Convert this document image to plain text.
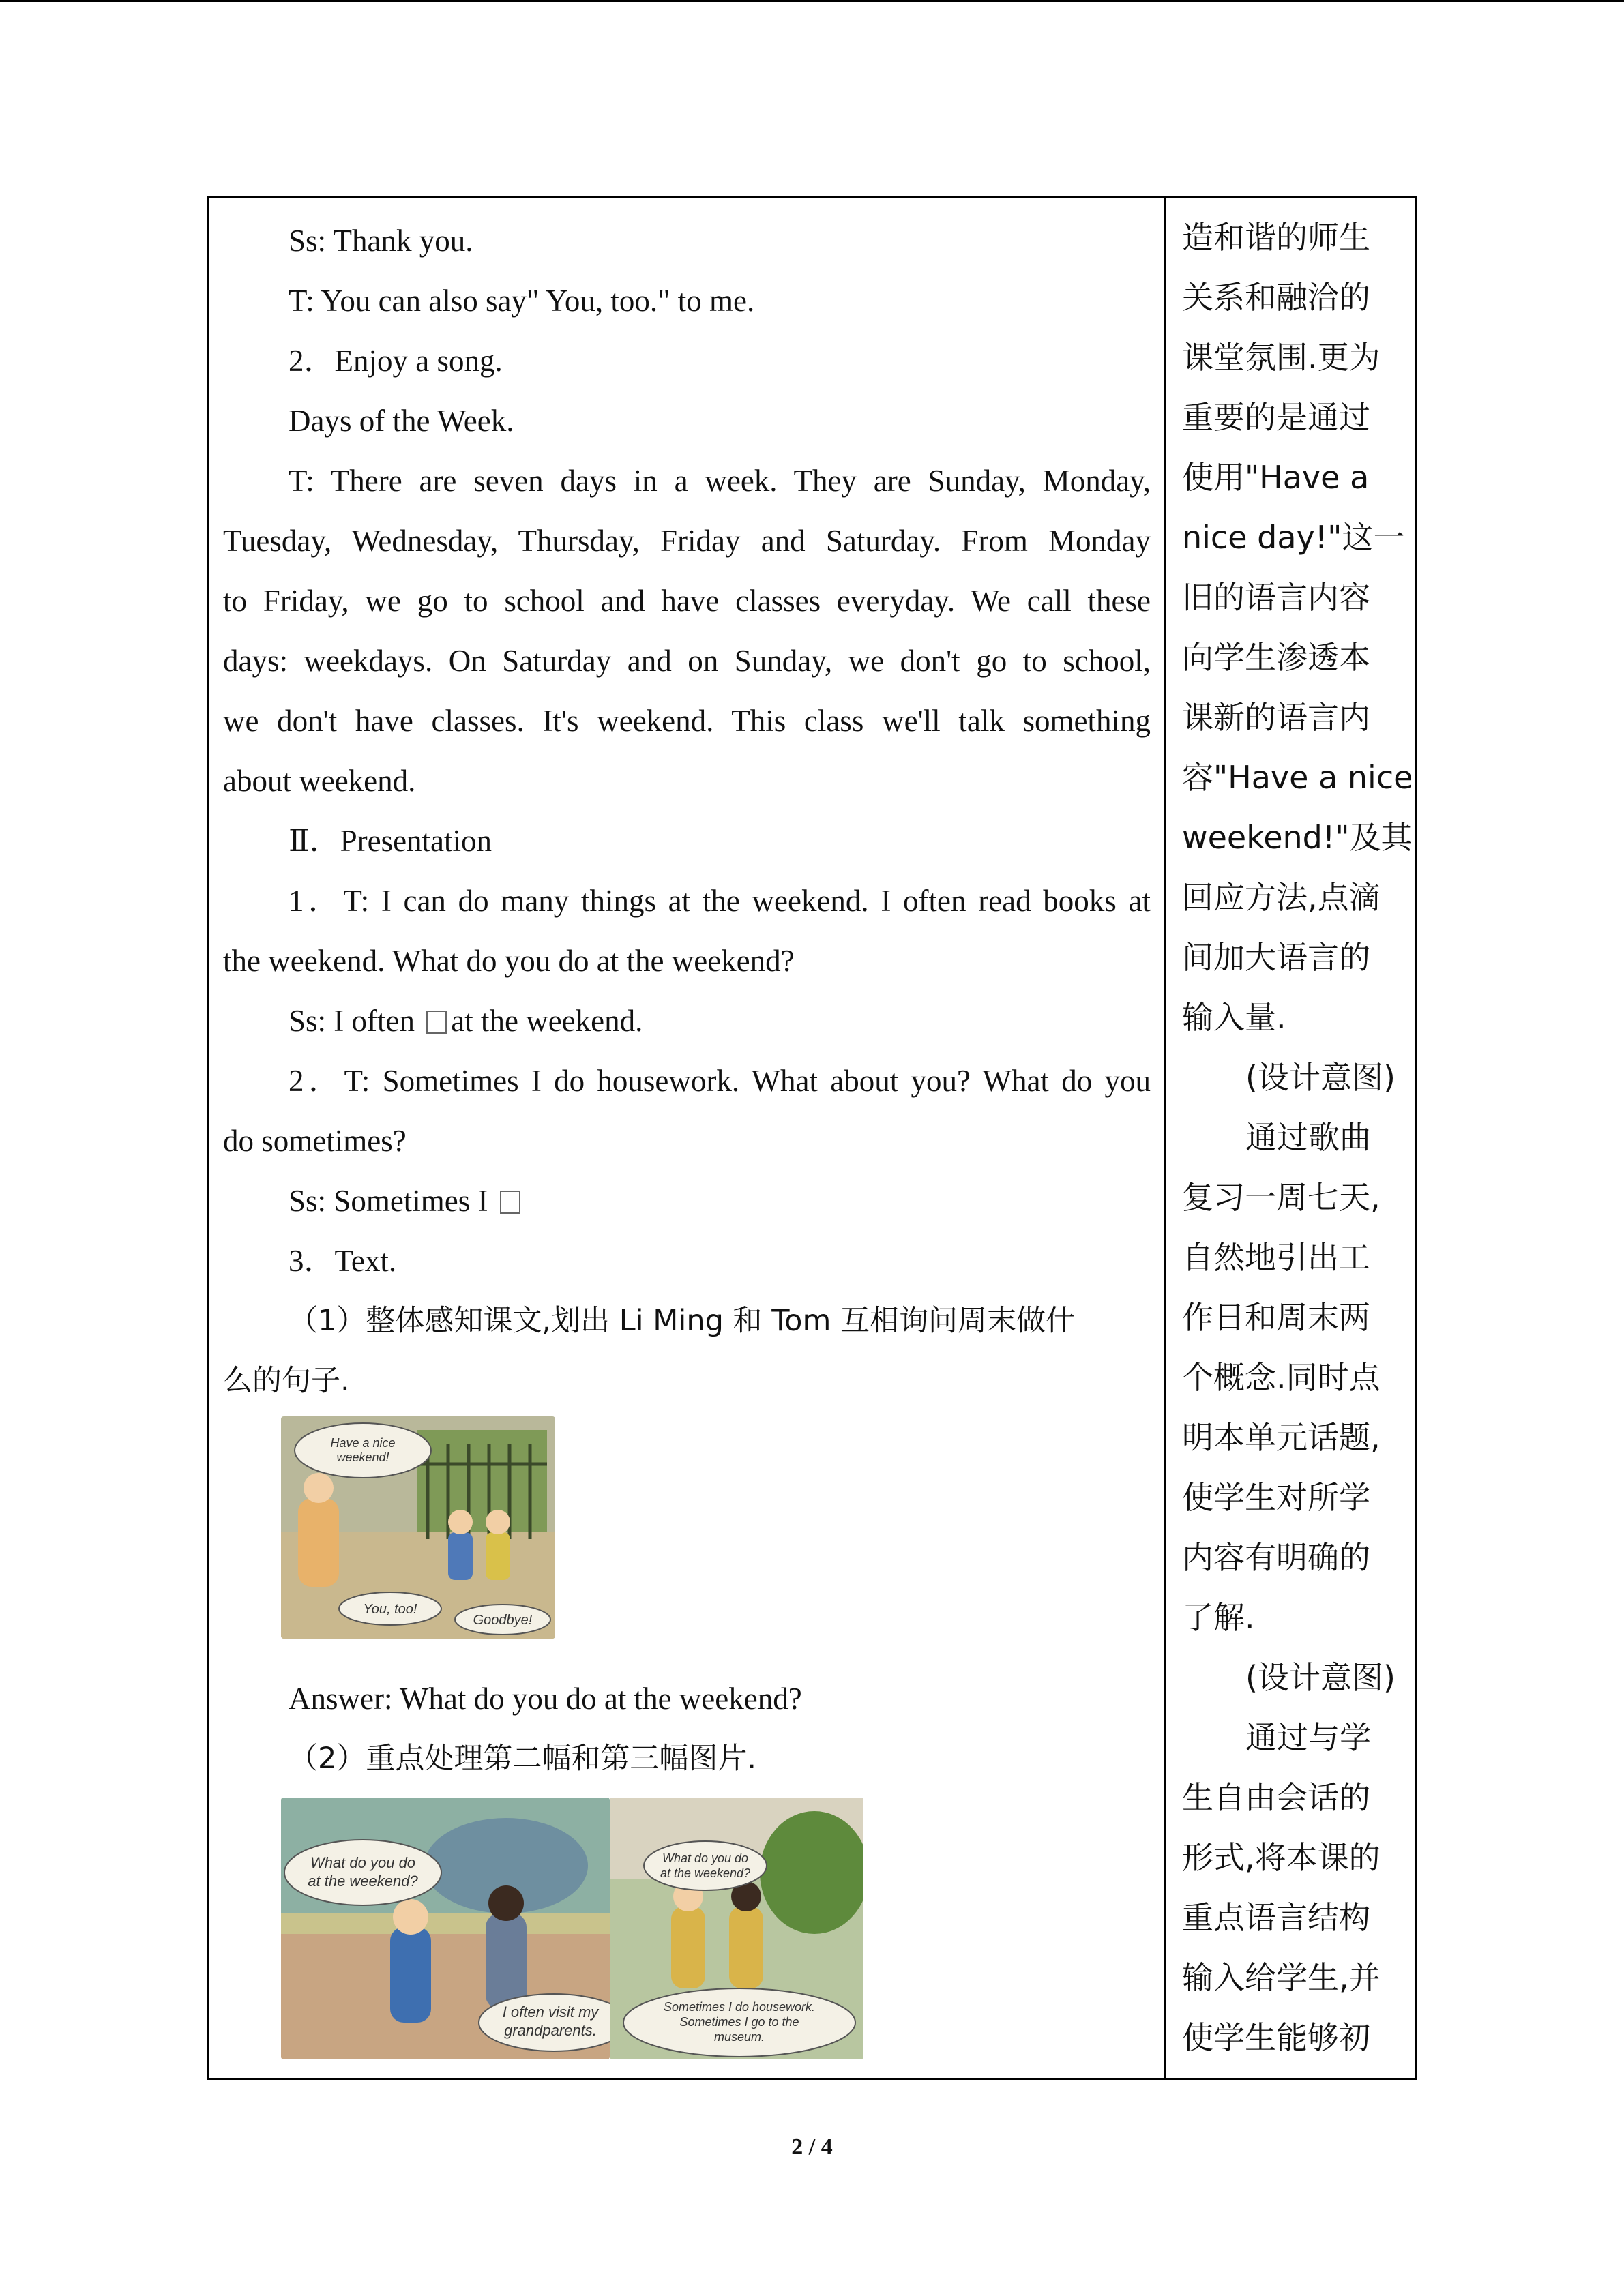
Ss: Thank you.
T: You can also say" You, too." to me.
2．Enjoy a song.
Days of the Week.
T: There are seven days in a week. They are Sunday, Monday,
Tuesday, Wednesday, Thursday, Friday and Saturday. From Monday
to Friday, we go to school and have classes everyday. We call these
days: weekdays. On Saturday and on Sunday, we don't go to school,
we don't have classes. It's weekend. This class we'll talk something
about weekend.
Ⅱ．Presentation
1．T: I can do many things at the weekend. I often read books at
the weekend. What do you do at the weekend?
Ss: I often at the weekend.
2．T: Sometimes I do housework. What about you? What do you
do sometimes?
Ss: Sometimes I
3．Text.
（1）整体感知课文,划出 Li Ming 和 Tom 互相询问周末做什
么的句子.
Have a nice
weekend!
You, too!
Goodbye!
Answer: What do you do at the weekend?
（2）重点处理第二幅和第三幅图片.
What do you do
at the weekend?
I often visit my
grandparents.
What do you do
at the weekend?
Sometimes I do housework.
Sometimes I go to the
museum.
造和谐的师生
关系和融洽的
课堂氛围.更为
重要的是通过
使用"Have a
nice day!"这一
旧的语言内容
向学生渗透本
课新的语言内
容"Have a nice
weekend!"及其
回应方法,点滴
间加大语言的
输入量.
(设计意图)
通过歌曲
复习一周七天,
自然地引出工
作日和周末两
个概念.同时点
明本单元话题,
使学生对所学
内容有明确的
了解.
(设计意图)
通过与学
生自由会话的
形式,将本课的
重点语言结构
输入给学生,并
使学生能够初
2 / 4
